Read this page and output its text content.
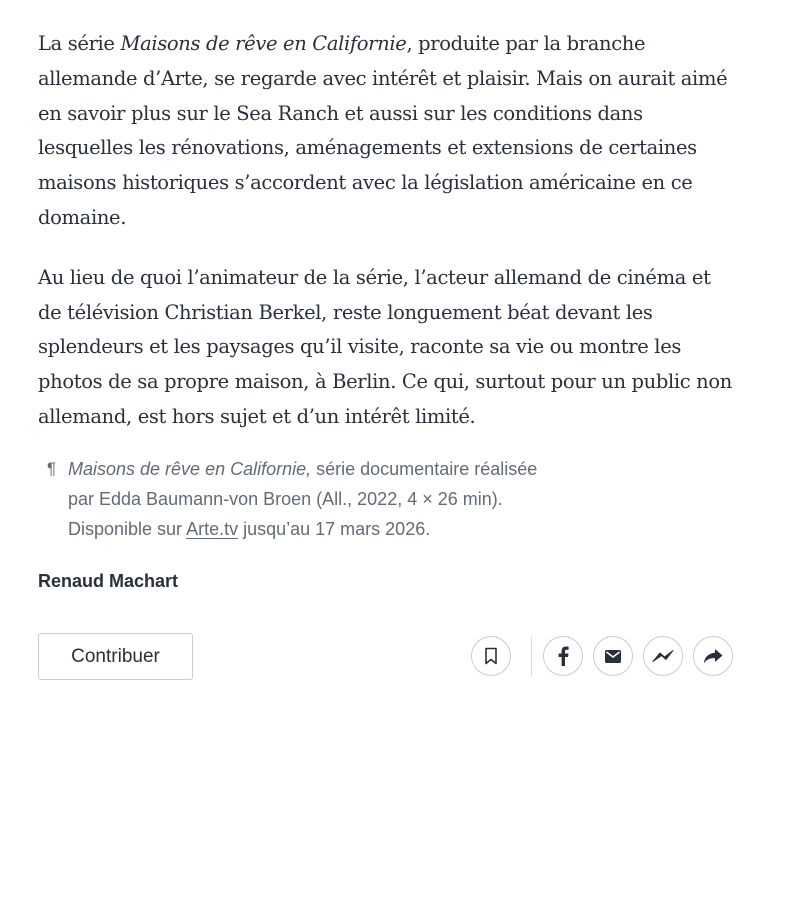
La série Maisons de rêve en Californie, produite par la branche allemande d’Arte, se regarde avec intérêt et plaisir. Mais on aurait aimé en savoir plus sur le Sea Ranch et aussi sur les conditions dans lesquelles les rénovations, aménagements et extensions de certaines maisons historiques s’accordent avec la législation américaine en ce domaine.

Au lieu de quoi l’animateur de la série, l’acteur allemand de cinéma et de télévision Christian Berkel, reste longuement béat devant les splendeurs et les paysages qu’il visite, raconte sa vie ou montre les photos de sa propre maison, à Berlin. Ce qui, surtout pour un public non allemand, est hors sujet et d’un intérêt limité.

¶ Maisons de rêve en Californie, série documentaire réalisée
par Edda Baumann-von Broen (All., 2022, 4 × 26 min).
Disponible sur Arte.tv jusqu’au 17 mars 2026.
Renaud Machart
Contribuer
